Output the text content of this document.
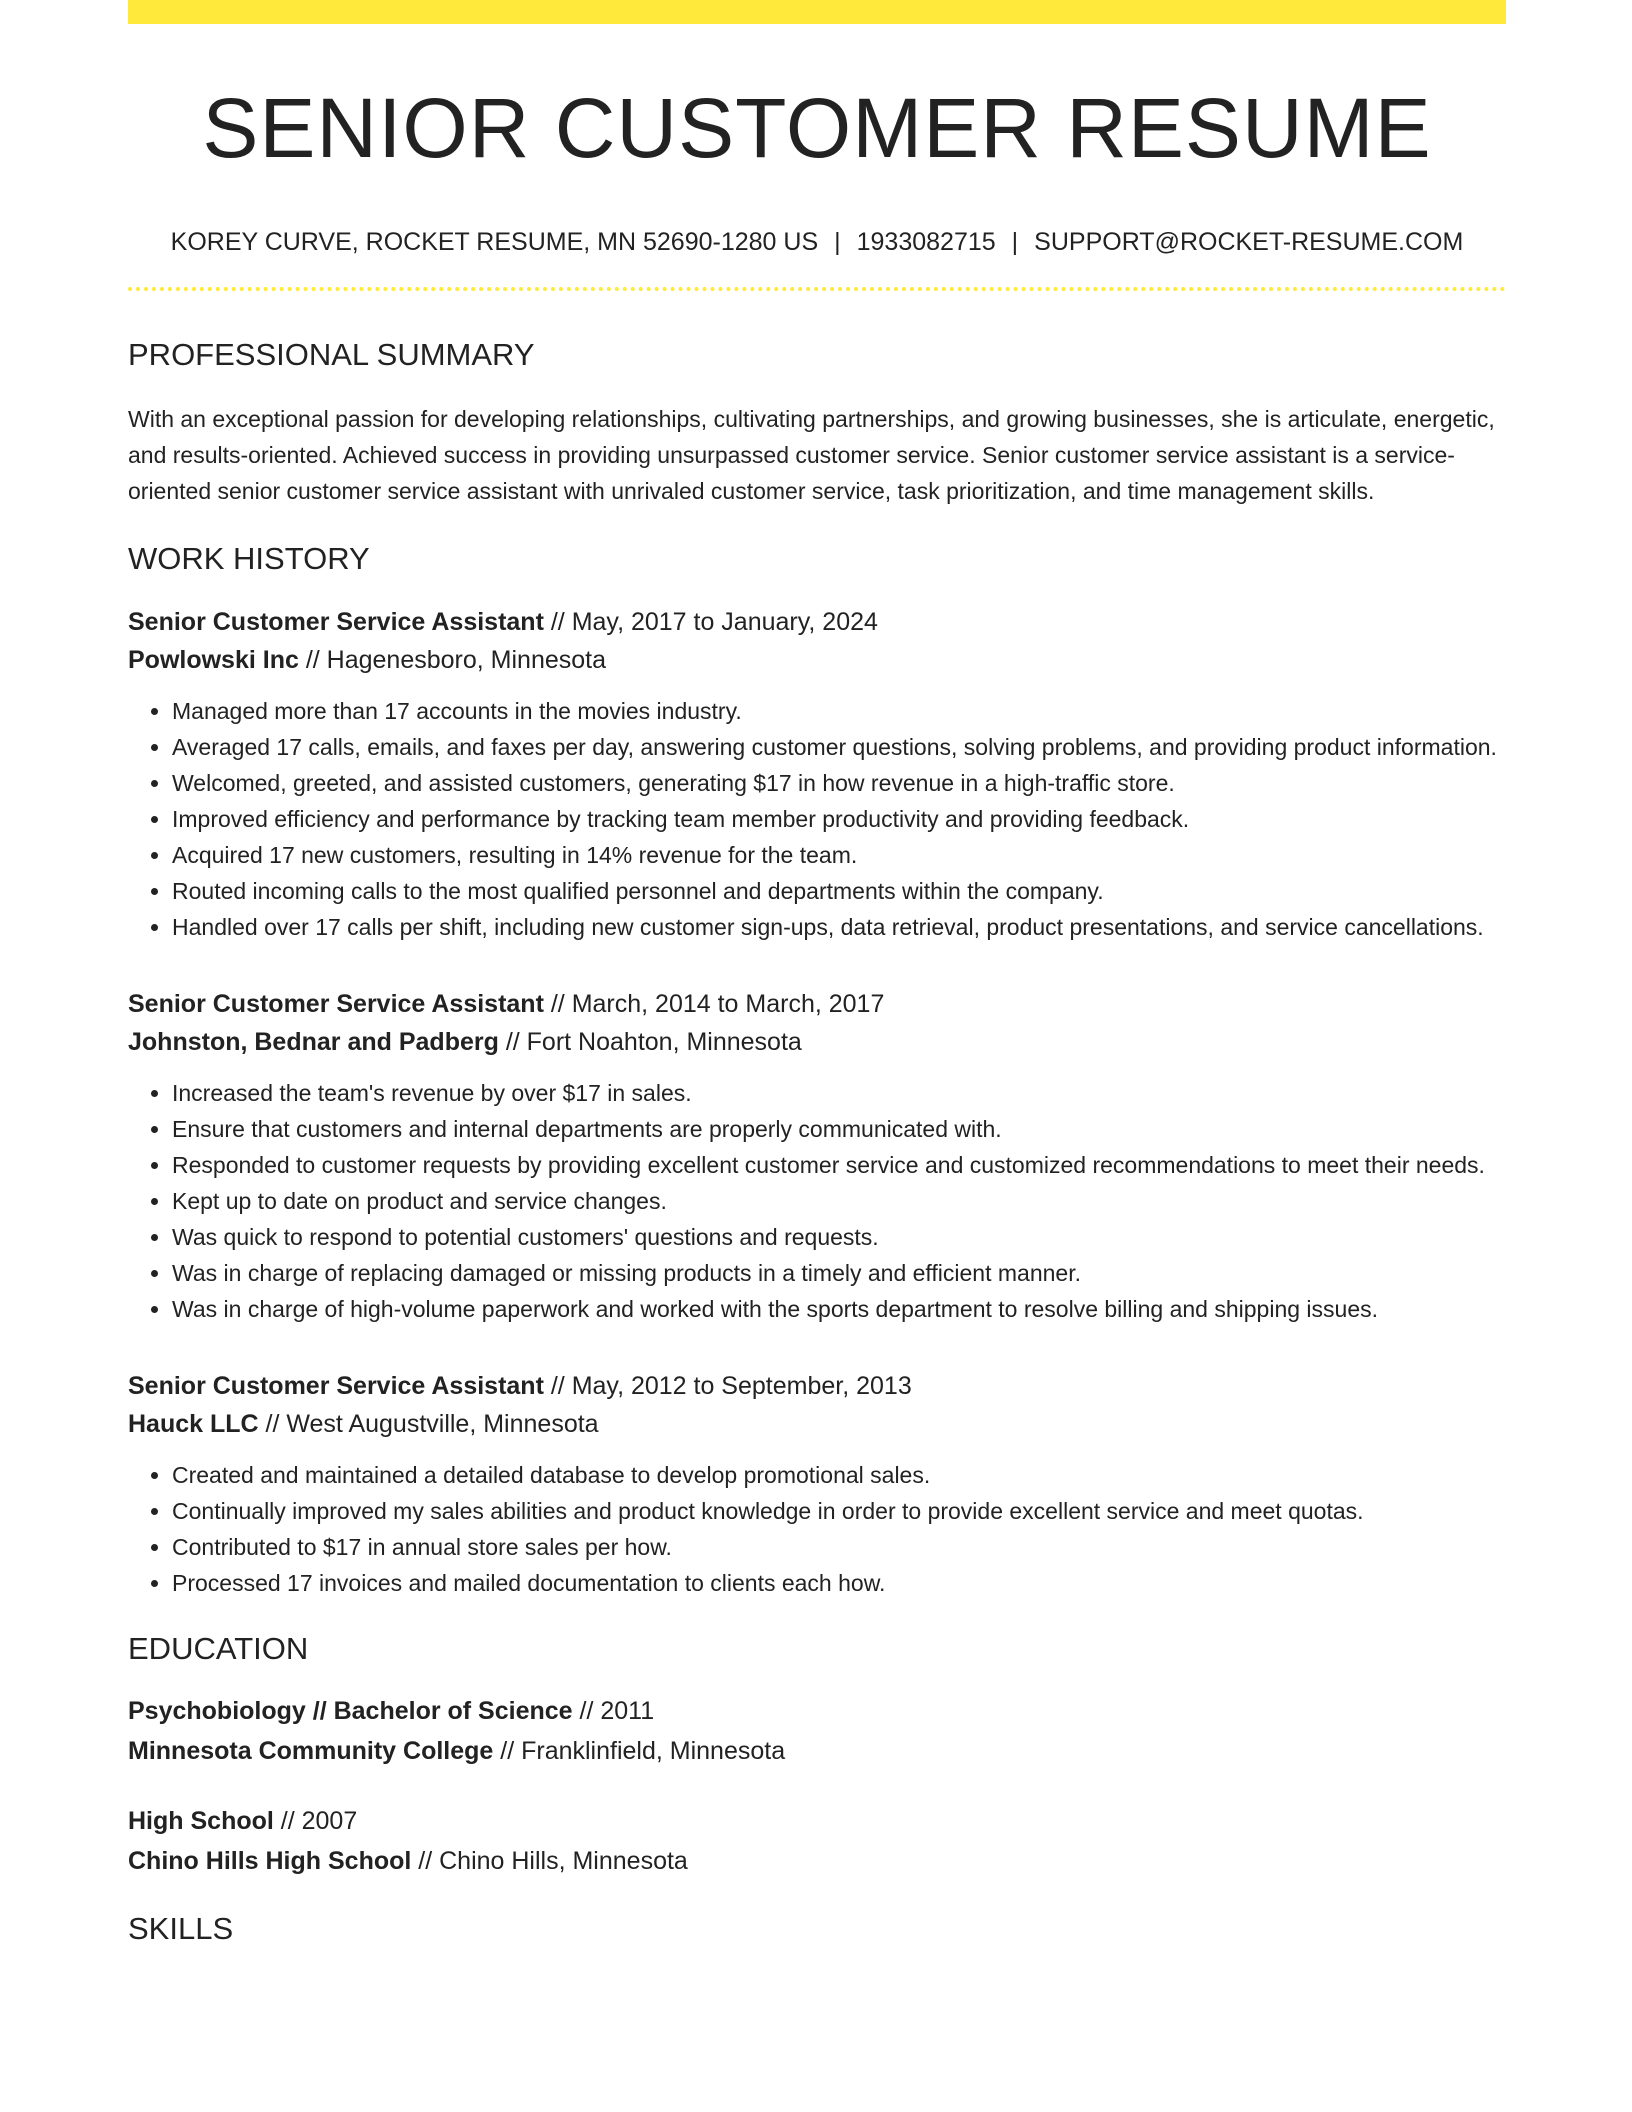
SENIOR CUSTOMER RESUME
KOREY CURVE, ROCKET RESUME, MN 52690-1280 US | 1933082715 | SUPPORT@ROCKET-RESUME.COM
PROFESSIONAL SUMMARY
With an exceptional passion for developing relationships, cultivating partnerships, and growing businesses, she is articulate, energetic, and results-oriented. Achieved success in providing unsurpassed customer service. Senior customer service assistant is a service-oriented senior customer service assistant with unrivaled customer service, task prioritization, and time management skills.
WORK HISTORY
Senior Customer Service Assistant // May, 2017 to January, 2024
Powlowski Inc // Hagenesboro, Minnesota
• Managed more than 17 accounts in the movies industry.
• Averaged 17 calls, emails, and faxes per day, answering customer questions, solving problems, and providing product information.
• Welcomed, greeted, and assisted customers, generating $17 in how revenue in a high-traffic store.
• Improved efficiency and performance by tracking team member productivity and providing feedback.
• Acquired 17 new customers, resulting in 14% revenue for the team.
• Routed incoming calls to the most qualified personnel and departments within the company.
• Handled over 17 calls per shift, including new customer sign-ups, data retrieval, product presentations, and service cancellations.
Senior Customer Service Assistant // March, 2014 to March, 2017
Johnston, Bednar and Padberg // Fort Noahton, Minnesota
• Increased the team's revenue by over $17 in sales.
• Ensure that customers and internal departments are properly communicated with.
• Responded to customer requests by providing excellent customer service and customized recommendations to meet their needs.
• Kept up to date on product and service changes.
• Was quick to respond to potential customers' questions and requests.
• Was in charge of replacing damaged or missing products in a timely and efficient manner.
• Was in charge of high-volume paperwork and worked with the sports department to resolve billing and shipping issues.
Senior Customer Service Assistant // May, 2012 to September, 2013
Hauck LLC // West Augustville, Minnesota
• Created and maintained a detailed database to develop promotional sales.
• Continually improved my sales abilities and product knowledge in order to provide excellent service and meet quotas.
• Contributed to $17 in annual store sales per how.
• Processed 17 invoices and mailed documentation to clients each how.
EDUCATION
Psychobiology // Bachelor of Science // 2011
Minnesota Community College // Franklinfield, Minnesota
High School // 2007
Chino Hills High School // Chino Hills, Minnesota
SKILLS
